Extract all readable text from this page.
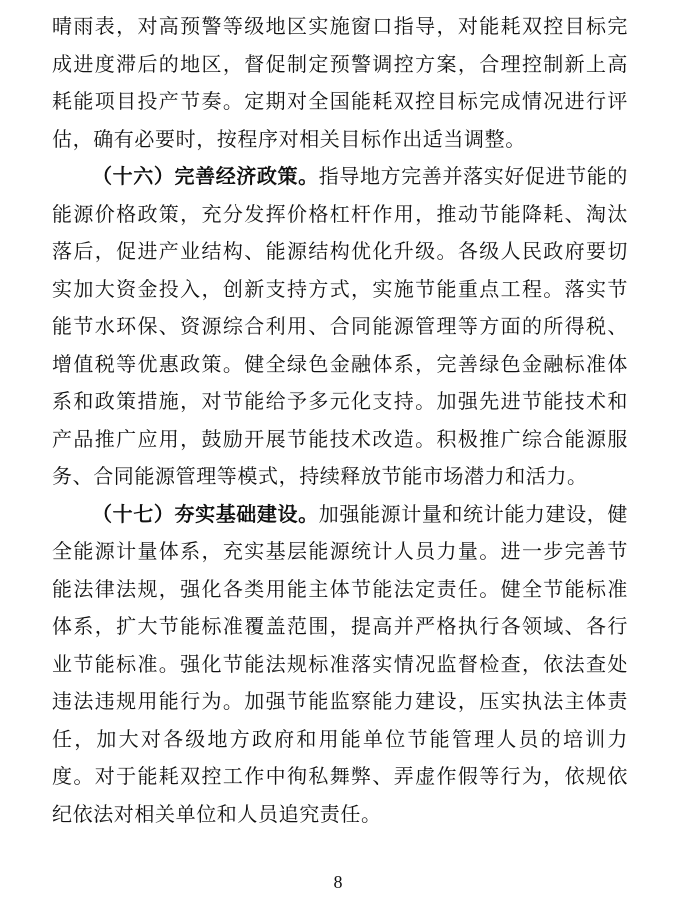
晴雨表，对高预警等级地区实施窗口指导，对能耗双控目标完成进度滞后的地区，督促制定预警调控方案，合理控制新上高耗能项目投产节奏。定期对全国能耗双控目标完成情况进行评估，确有必要时，按程序对相关目标作出适当调整。

（十六）完善经济政策。指导地方完善并落实好促进节能的能源价格政策，充分发挥价格杠杆作用，推动节能降耗、淘汰落后，促进产业结构、能源结构优化升级。各级人民政府要切实加大资金投入，创新支持方式，实施节能重点工程。落实节能节水环保、资源综合利用、合同能源管理等方面的所得税、增值税等优惠政策。健全绿色金融体系，完善绿色金融标准体系和政策措施，对节能给予多元化支持。加强先进节能技术和产品推广应用，鼓励开展节能技术改造。积极推广综合能源服务、合同能源管理等模式，持续释放节能市场潜力和活力。

（十七）夯实基础建设。加强能源计量和统计能力建设，健全能源计量体系，充实基层能源统计人员力量。进一步完善节能法律法规，强化各类用能主体节能法定责任。健全节能标准体系，扩大节能标准覆盖范围，提高并严格执行各领域、各行业节能标准。强化节能法规标准落实情况监督检查，依法查处违法违规用能行为。加强节能监察能力建设，压实执法主体责任，加大对各级地方政府和用能单位节能管理人员的培训力度。对于能耗双控工作中徇私舞弊、弄虚作假等行为，依规依纪依法对相关单位和人员追究责任。

8
